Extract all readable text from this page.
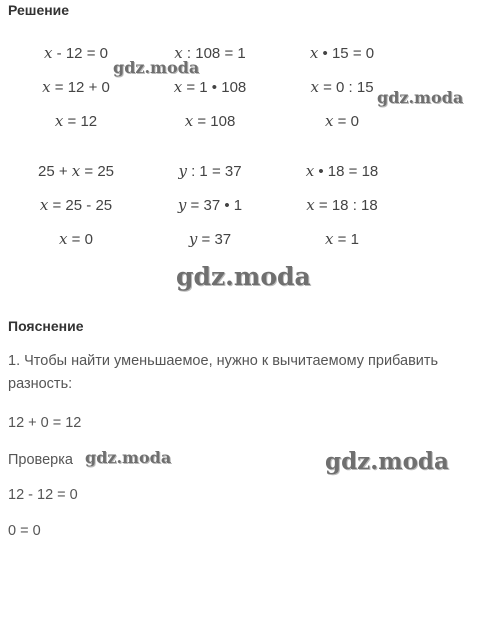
Решение
x - 12 = 0	x : 108 = 1	x • 15 = 0
x = 12 + 0	x = 1 • 108	x = 0 : 15
x = 12	x = 108	x = 0
25 + x = 25	y : 1 = 37	x • 18 = 18
x = 25 - 25	y = 37 • 1	x = 18 : 18
x = 0	y = 37	x = 1
Пояснение
1. Чтобы найти уменьшаемое, нужно к вычитаемому прибавить разность:
12 + 0 = 12
Проверка
12 - 12 = 0
0 = 0
gdz.moda
gdz.moda
gdz.moda
gdz.moda	gdz.moda
